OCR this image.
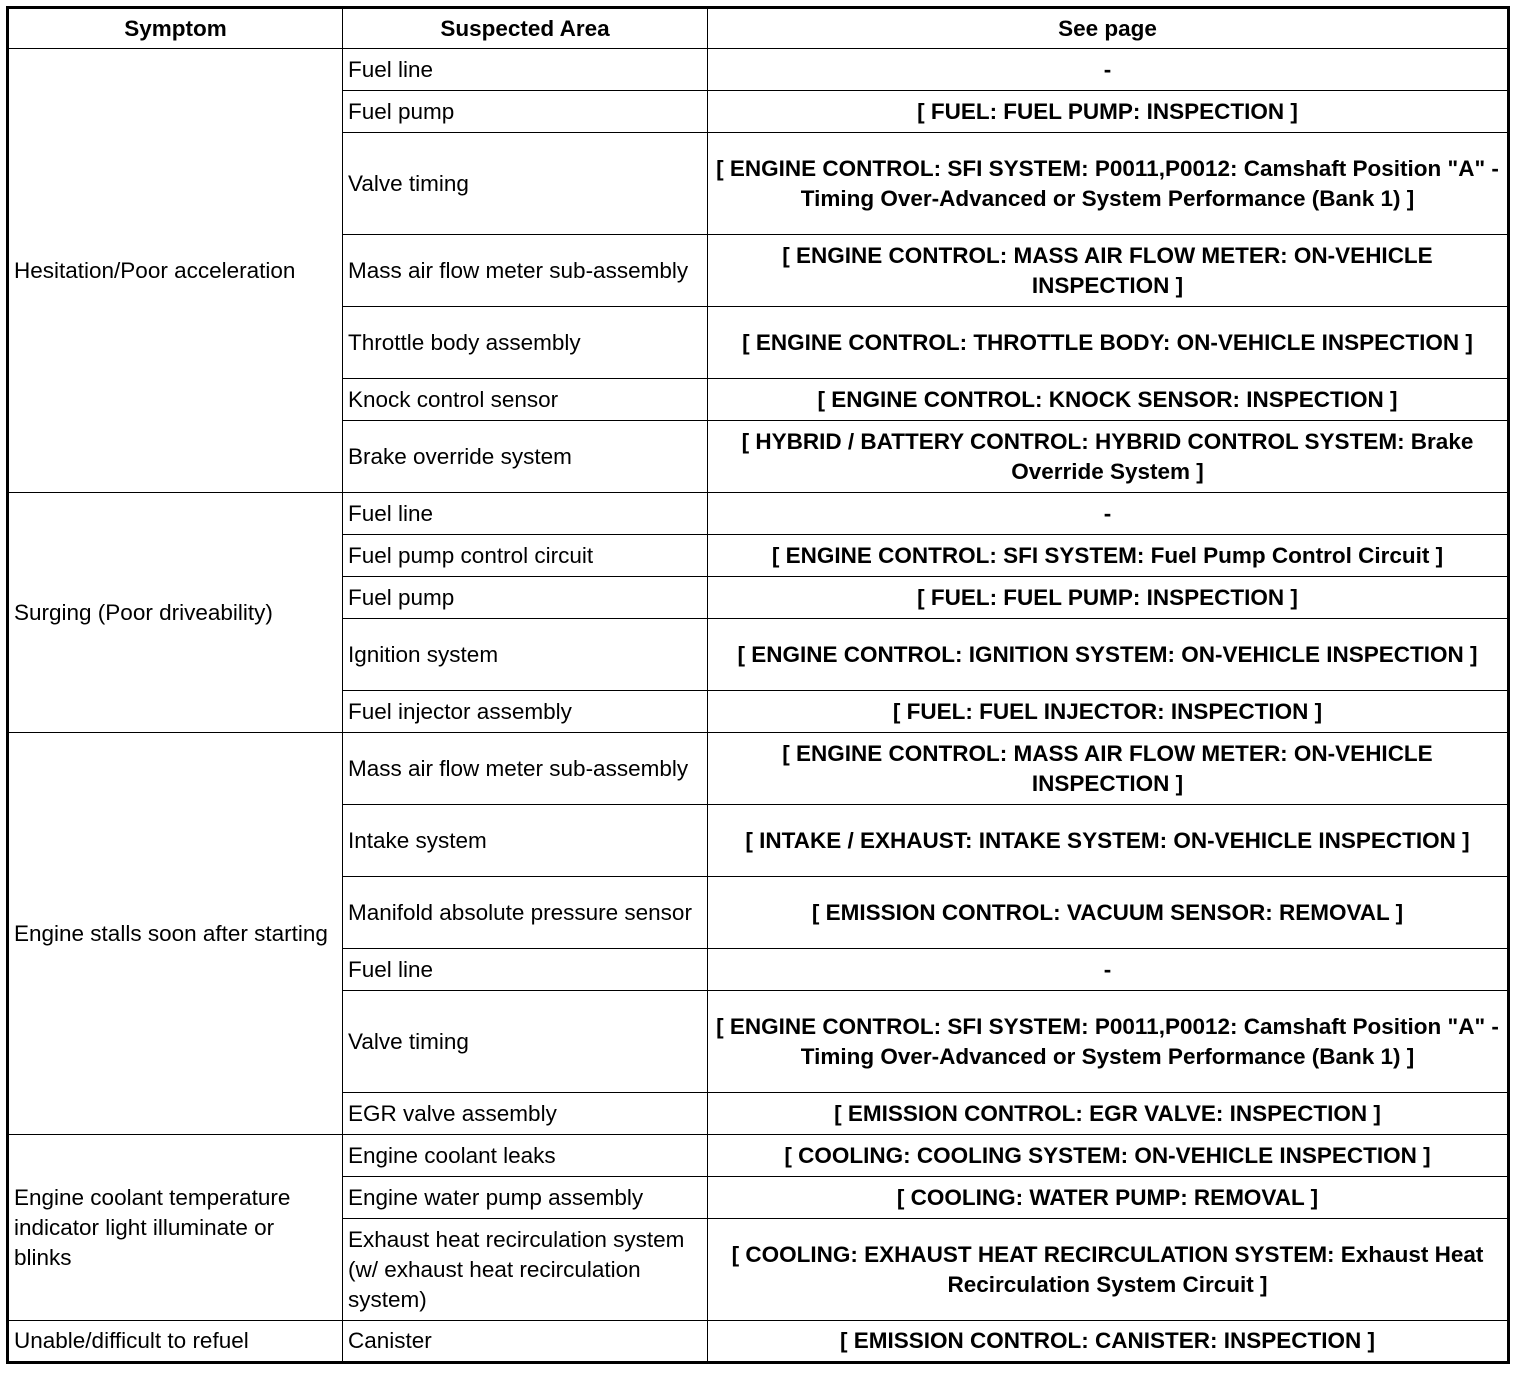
Symptom	Suspected Area	See page
Hesitation/Poor acceleration	Fuel line	-
	Fuel pump	[ FUEL: FUEL PUMP: INSPECTION ]
	Valve timing	[ ENGINE CONTROL: SFI SYSTEM: P0011,P0012: Camshaft Position "A" - Timing Over-Advanced or System Performance (Bank 1) ]
	Mass air flow meter sub-assembly	[ ENGINE CONTROL: MASS AIR FLOW METER: ON-VEHICLE INSPECTION ]
	Throttle body assembly	[ ENGINE CONTROL: THROTTLE BODY: ON-VEHICLE INSPECTION ]
	Knock control sensor	[ ENGINE CONTROL: KNOCK SENSOR: INSPECTION ]
	Brake override system	[ HYBRID / BATTERY CONTROL: HYBRID CONTROL SYSTEM: Brake Override System ]
Surging (Poor driveability)	Fuel line	-
	Fuel pump control circuit	[ ENGINE CONTROL: SFI SYSTEM: Fuel Pump Control Circuit ]
	Fuel pump	[ FUEL: FUEL PUMP: INSPECTION ]
	Ignition system	[ ENGINE CONTROL: IGNITION SYSTEM: ON-VEHICLE INSPECTION ]
	Fuel injector assembly	[ FUEL: FUEL INJECTOR: INSPECTION ]
Engine stalls soon after starting	Mass air flow meter sub-assembly	[ ENGINE CONTROL: MASS AIR FLOW METER: ON-VEHICLE INSPECTION ]
	Intake system	[ INTAKE / EXHAUST: INTAKE SYSTEM: ON-VEHICLE INSPECTION ]
	Manifold absolute pressure sensor	[ EMISSION CONTROL: VACUUM SENSOR: REMOVAL ]
	Fuel line	-
	Valve timing	[ ENGINE CONTROL: SFI SYSTEM: P0011,P0012: Camshaft Position "A" - Timing Over-Advanced or System Performance (Bank 1) ]
	EGR valve assembly	[ EMISSION CONTROL: EGR VALVE: INSPECTION ]
Engine coolant temperature indicator light illuminate or blinks	Engine coolant leaks	[ COOLING: COOLING SYSTEM: ON-VEHICLE INSPECTION ]
	Engine water pump assembly	[ COOLING: WATER PUMP: REMOVAL ]
	Exhaust heat recirculation system (w/ exhaust heat recirculation system)	[ COOLING: EXHAUST HEAT RECIRCULATION SYSTEM: Exhaust Heat Recirculation System Circuit ]
Unable/difficult to refuel	Canister	[ EMISSION CONTROL: CANISTER: INSPECTION ]
